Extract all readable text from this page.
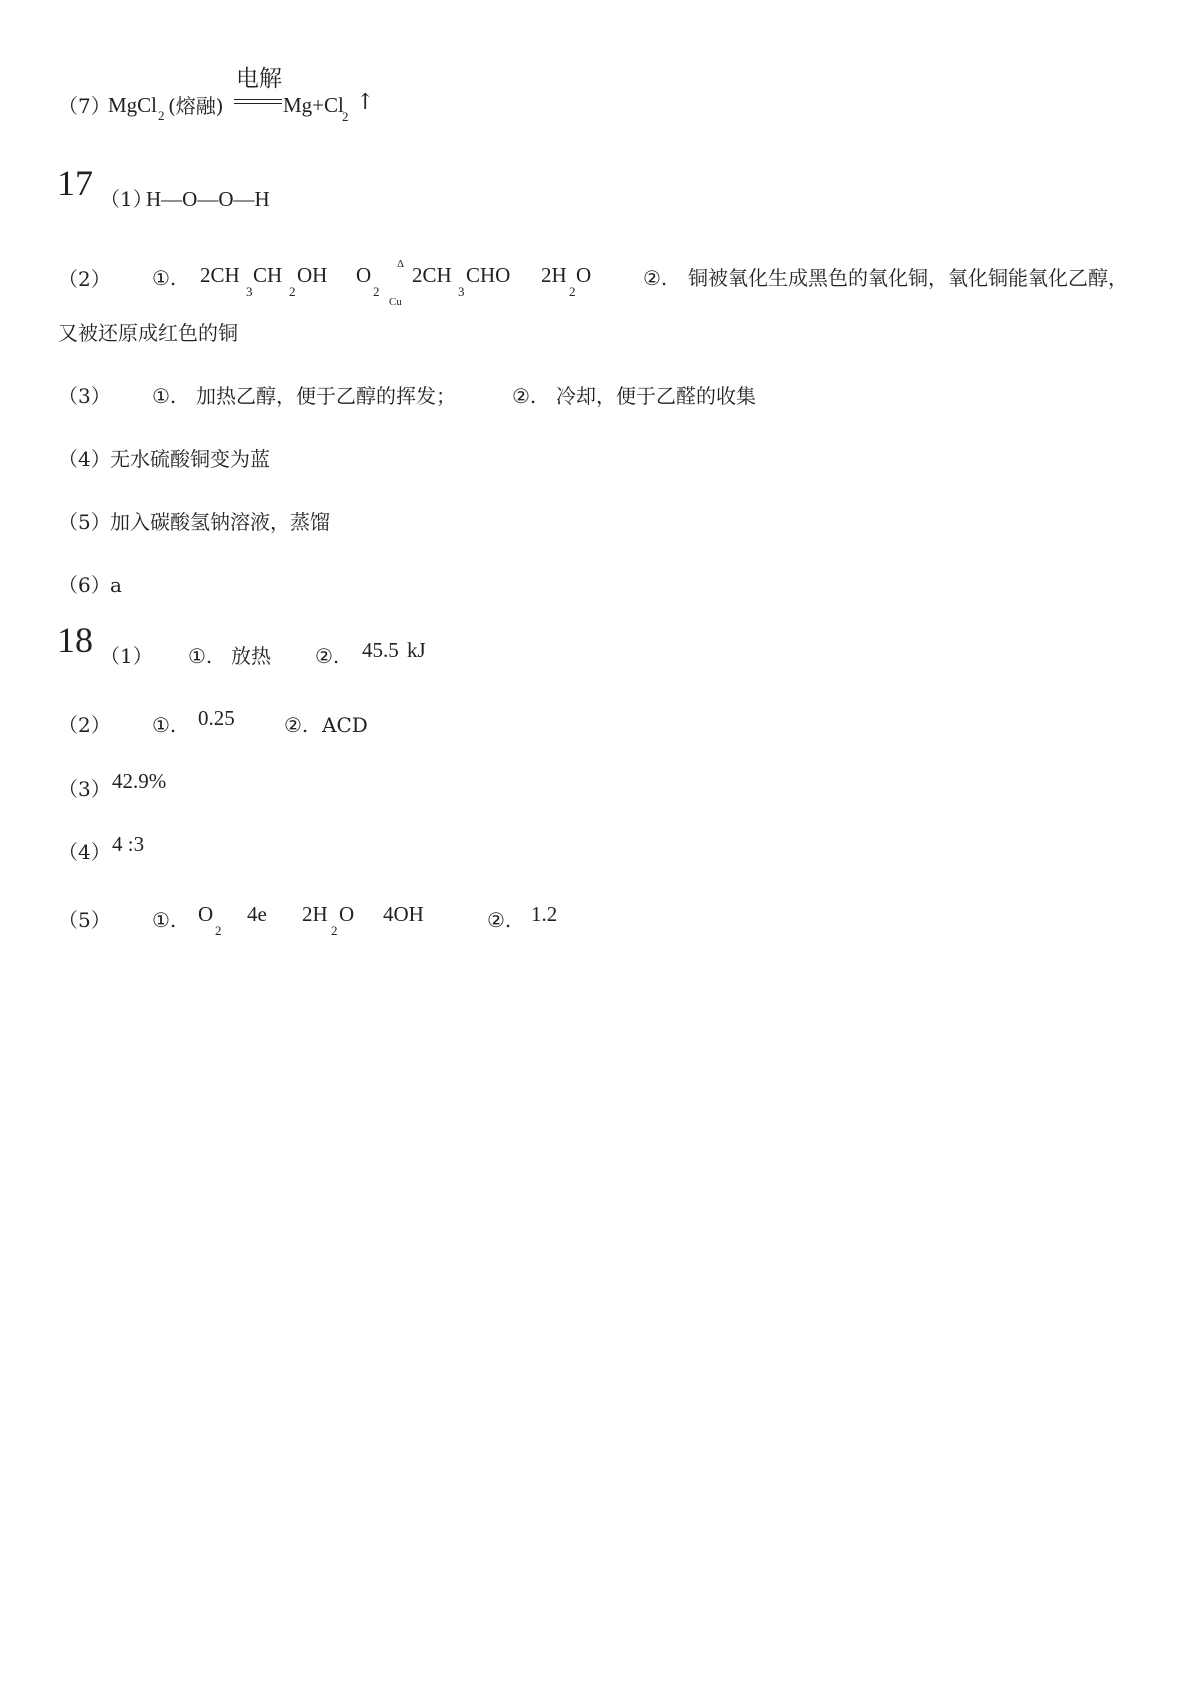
（7）
MgCl 2 (熔融)
电解
Mg+Cl
2
↑
17 （1）
H—O—O—H
（2） ①. 2CH
3
CH
2
OH O
2
Δ
Cu
2CH
3
CHO 2H
2
O	②. 铜被氧化生成黑色的氧化铜，氧化铜能氧化乙醇，
又被还原成红色的铜
（3） ①. 加热乙醇，便于乙醇的挥发；	②. 冷却，便于乙醛的收集
（4） 无水硫酸铜变为蓝
（5） 加入碳酸氢钠溶液，蒸馏
（6） a
18 （1） ①. 放热 ②. 45.5 kJ
（2） ①. 0.25 ②. ACD
（3） 42.9%
（4） 4 :3
（5） ①. O
2
4e 2H
2
O 4OH	②. 1.2
